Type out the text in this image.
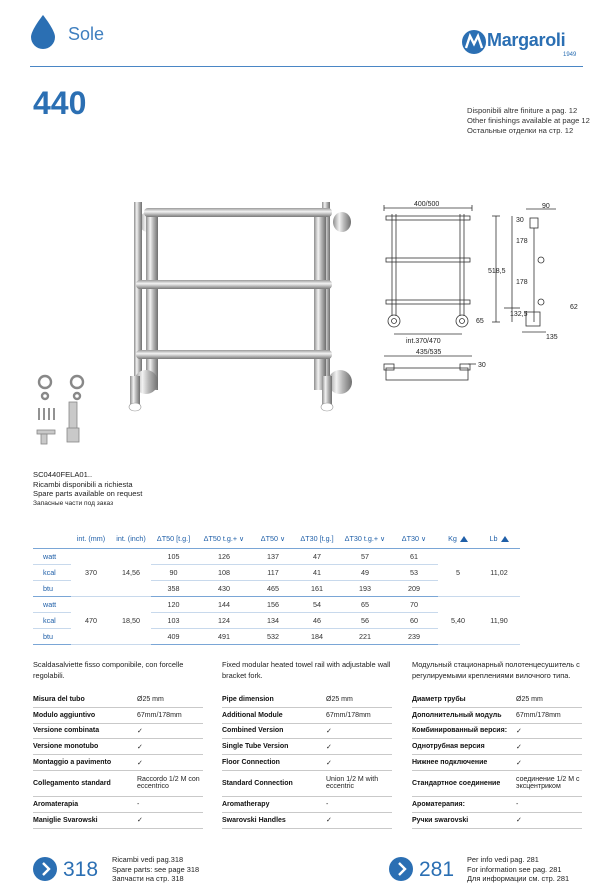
Sole	Margaroli
1949
440	Disponibili altre finiture a pag. 12
Other finishings available at page 12
Остальные отделки на стр. 12
400/500
int.370/470
435/535
90
30
178
518,5
178
132,5
65
62
135
30
SC0440FELA01..
Ricambi disponibili a richiesta
Spare parts available on request
Запасные части под заказ
	int. (mm)	int. (inch)	ΔT50 [t.g.]	ΔT50 t.g.+ ∨	ΔT50 ∨	ΔT30 [t.g.]	ΔT30 t.g.+ ∨	ΔT30 ∨	Kg	Lb
watt	370	14,56	105	126	137	47	57	61	5	11,02
kcal			90	108	117	41	49	53		
btu			358	430	465	161	193	209		
watt	470	18,50	120	144	156	54	65	70	5,40	11,90
kcal			103	124	134	46	56	60		
btu			409	491	532	184	221	239		
Scaldasalviette fisso componibile, con forcelle regolabili.
Misura del tubo	Ø25 mm
Modulo aggiuntivo	67mm/178mm
Versione combinata	✓
Versione monotubo	✓
Montaggio a pavimento	✓
Collegamento standard	Raccordo 1/2 M con eccentrico
Aromaterapia	-
Maniglie Svarowski	✓
Fixed modular heated towel rail with adjustable wall bracket fork.
Pipe dimension	Ø25 mm
Additional Module	67mm/178mm
Combined Version	✓
Single Tube Version	✓
Floor Connection	✓
Standard Connection	Union 1/2 M with eccentric
Aromatherapy	-
Swarovski Handles	✓
Модульный стационарный полотенцесушитель с регулируемыми креплениями вилочного типа.
Диаметр трубы	Ø25 mm
Дополнительный модуль	67mm/178mm
Комбинированный версия:	✓
Однотрубная версия	✓
Нижнее подключение	✓
Стандартное соединение	соединение 1/2 M с эксцентриком
Ароматерапия:	-
Ручки swarovski	✓
318 Ricambi vedi pag.318
Spare parts: see page 318
Запчасти на стр. 318	281 Per info vedi pag. 281
For information see pag. 281
Для информации см. стр. 281
